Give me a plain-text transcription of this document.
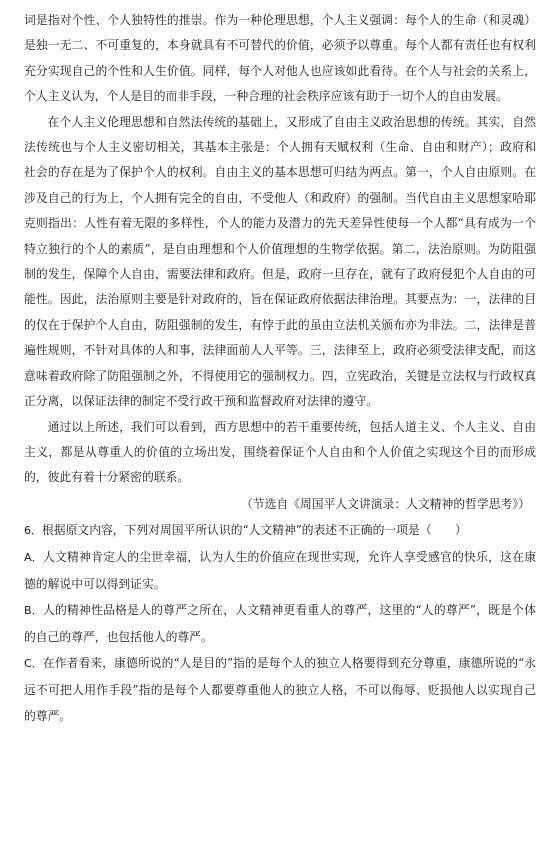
词是指对个性、个人独特性的推崇。作为一种伦理思想，个人主义强调：每个人的生命（和灵魂）是独一无二、不可重复的，本身就具有不可替代的价值，必须予以尊重。每个人都有责任也有权利充分实现自己的个性和人生价值。同样，每个人对他人也应该如此看待。在个人与社会的关系上，个人主义认为，个人是目的而非手段，一种合理的社会秩序应该有助于一切个人的自由发展。

在个人主义伦理思想和自然法传统的基础上，又形成了自由主义政治思想的传统。其实，自然法传统也与个人主义密切相关，其基本主张是：个人拥有天赋权利（生命、自由和财产）；政府和社会的存在是为了保护个人的权利。自由主义的基本思想可归结为两点。第一，个人自由原则。在涉及自己的行为上，个人拥有完全的自由，不受他人（和政府）的强制。当代自由主义思想家哈耶克则指出：人性有着无限的多样性，个人的能力及潜力的先天差异性使每一个人都“具有成为一个特立独行的个人的素质”，是自由理想和个人价值理想的生物学依据。第二，法治原则。为防阻强制的发生，保障个人自由，需要法律和政府。但是，政府一旦存在，就有了政府侵犯个人自由的可能性。因此，法治原则主要是针对政府的，旨在保证政府依据法律治理。其要点为：一，法律的目的仅在于保护个人自由，防阻强制的发生，有悖于此的虽由立法机关颁布亦为非法。二，法律是普遍性规则，不针对具体的人和事，法律面前人人平等。三，法律至上，政府必须受法律支配，而这意味着政府除了防阻强制之外，不得使用它的强制权力。四，立宪政治，关键是立法权与行政权真正分离，以保证法律的制定不受行政干预和监督政府对法律的遵守。

通过以上所述，我们可以看到，西方思想中的若干重要传统，包括人道主义、个人主义、自由主义，都是从尊重人的价值的立场出发，围绕着保证个人自由和个人价值之实现这个目的而形成的，彼此有着十分紧密的联系。

（节选自《周国平人文讲演录：人文精神的哲学思考》）

6．根据原文内容，下列对周国平所认识的“人文精神”的表述不正确的一项是（　　）

A．人文精神肯定人的尘世幸福，认为人生的价值应在现世实现，允许人享受感官的快乐，这在康德的解说中可以得到证实。

B．人的精神性品格是人的尊严之所在，人文精神更看重人的尊严，这里的“人的尊严”，既是个体的自己的尊严，也包括他人的尊严。

C．在作者看来，康德所说的“人是目的”指的是每个人的独立人格要得到充分尊重，康德所说的“永远不可把人用作手段”指的是每个人都要尊重他人的独立人格，不可以侮辱、贬损他人以实现自己的尊严。
